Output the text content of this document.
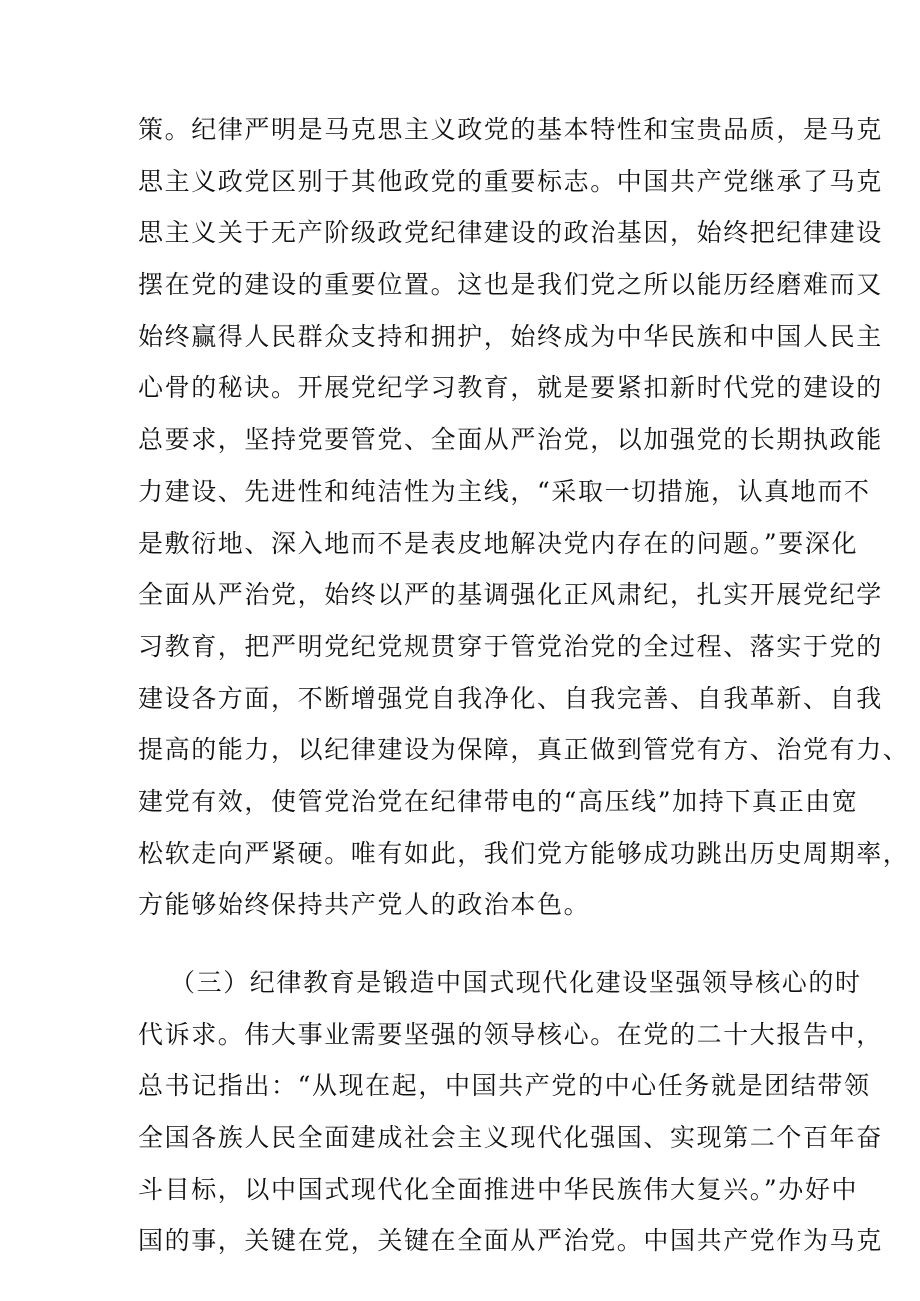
策。纪律严明是马克思主义政党的基本特性和宝贵品质，是马克
思主义政党区别于其他政党的重要标志。中国共产党继承了马克
思主义关于无产阶级政党纪律建设的政治基因，始终把纪律建设
摆在党的建设的重要位置。这也是我们党之所以能历经磨难而又
始终赢得人民群众支持和拥护，始终成为中华民族和中国人民主
心骨的秘诀。开展党纪学习教育，就是要紧扣新时代党的建设的
总要求，坚持党要管党、全面从严治党，以加强党的长期执政能
力建设、先进性和纯洁性为主线，“采取一切措施，认真地而不
是敷衍地、深入地而不是表皮地解决党内存在的问题。”要深化
全面从严治党，始终以严的基调强化正风肃纪，扎实开展党纪学
习教育，把严明党纪党规贯穿于管党治党的全过程、落实于党的
建设各方面，不断增强党自我净化、自我完善、自我革新、自我
提高的能力，以纪律建设为保障，真正做到管党有方、治党有力、
建党有效，使管党治党在纪律带电的“高压线”加持下真正由宽
松软走向严紧硬。唯有如此，我们党方能够成功跳出历史周期率，
方能够始终保持共产党人的政治本色。
（三）纪律教育是锻造中国式现代化建设坚强领导核心的时
代诉求。伟大事业需要坚强的领导核心。在党的二十大报告中，
总书记指出：“从现在起，中国共产党的中心任务就是团结带领
全国各族人民全面建成社会主义现代化强国、实现第二个百年奋
斗目标，以中国式现代化全面推进中华民族伟大复兴。”办好中
国的事，关键在党，关键在全面从严治党。中国共产党作为马克
